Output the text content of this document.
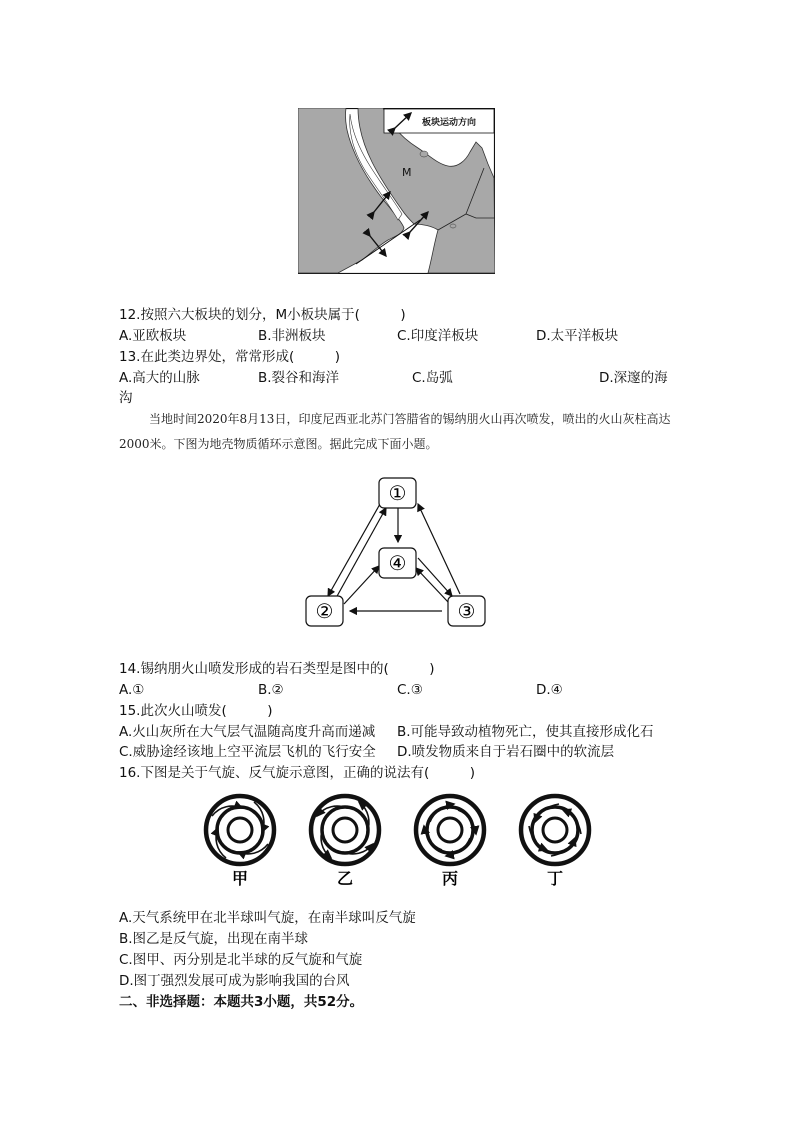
板块运动方向
M
12.按照六大板块的划分，M小板块属于(　　　)
A.亚欧板块	B.非洲板块	C.印度洋板块	D.太平洋板块
13.在此类边界处，常常形成(　　　)
A.高大的山脉	B.裂谷和海洋	C.岛弧	D.深邃的海
沟
当地时间2020年8月13日，印度尼西亚北苏门答腊省的锡纳朋火山再次喷发，喷出的火山灰柱高达2000米。下图为地壳物质循环示意图。据此完成下面小题。
①
②	③
④
14.锡纳朋火山喷发形成的岩石类型是图中的(　　　)
A.①	B.②	C.③	D.④
15.此次火山喷发(　　　)
A.火山灰所在大气层气温随高度升高而递减 B.可能导致动植物死亡，使其直接形成化石
C.威胁途经该地上空平流层飞机的飞行安全 D.喷发物质来自于岩石圈中的软流层
16.下图是关于气旋、反气旋示意图，正确的说法有(　　　)
甲	乙	丙	丁
A.天气系统甲在北半球叫气旋，在南半球叫反气旋
B.图乙是反气旋，出现在南半球
C.图甲、丙分别是北半球的反气旋和气旋
D.图丁强烈发展可成为影响我国的台风
二、非选择题：本题共3小题，共52分。
